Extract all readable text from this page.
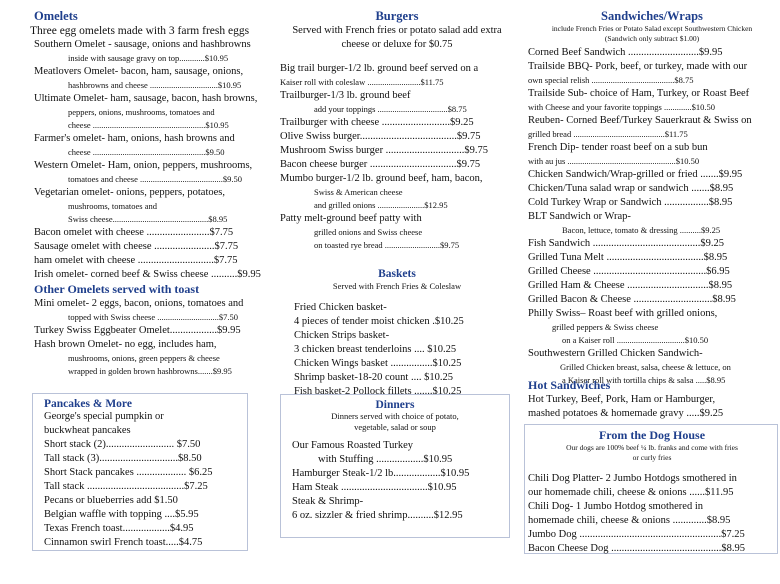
Omelets
Three egg omelets made with 3 farm fresh eggs
Southern Omelet - sausage, onions and hashbrowns
inside with sausage gravy on top............$10.95
Meatlovers Omelet- bacon, ham, sausage, onions,
hashbrowns and cheese ................................$10.95
Ultimate Omelet- ham, sausage, bacon, hash browns,
peppers, onions, mushrooms, tomatoes and
cheese .....................................................$10.95
Farmer's omelet- ham, onions, hash browns and
cheese .....................................................$9.50
Western Omelet- Ham, onion, peppers, mushrooms,
tomatoes and cheese .......................................$9.50
Vegetarian omelet- onions, peppers, potatoes,
mushrooms, tomatoes and
Swiss cheese.............................................$8.95
Bacon omelet with cheese ........................$7.75
Sausage omelet with cheese .......................$7.75
ham omelet with cheese .............................$7.75
Irish omelet- corned beef & Swiss cheese ..........$9.95
Other Omelets served with toast
Mini omelet- 2 eggs, bacon, onions, tomatoes and
topped with Swiss cheese .............................$7.50
Turkey Swiss Eggbeater Omelet..................$9.95
Hash brown Omelet- no egg, includes ham,
mushrooms, onions, green peppers & cheese
wrapped in golden brown hashbrowns.......$9.95
Pancakes & More
George's special pumpkin or
buckwheat pancakes
Short stack (2).......................... $7.50
Tall stack (3)..............................$8.50
Short Stack pancakes ................... $6.25
Tall stack .....................................$7.25
Pecans or blueberries add $1.50
Belgian waffle with topping ....$5.95
Texas French toast..................$4.95
Cinnamon swirl French toast.....$4.75
Burgers
Served with French fries or potato salad add extra
cheese or deluxe for $0.75
Big trail burger-1/2 lb. ground beef served on a
Kaiser roll with coleslaw .........................$11.75
Trailburger-1/3 lb. ground beef
add your toppings .................................$8.75
Trailburger with cheese ..........................$9.25
Olive Swiss burger.....................................$9.75
Mushroom Swiss burger ..............................$9.75
Bacon cheese burger .................................$9.75
Mumbo burger-1/2 lb. ground beef, ham, bacon,
Swiss & American cheese
and grilled onions ......................$12.95
Patty melt-ground beef patty with
grilled onions and Swiss cheese
on toasted rye bread ..........................$9.75
Baskets
Served with French Fries & Coleslaw
Fried Chicken basket-
4 pieces of tender moist chicken .$10.25
Chicken Strips basket-
3 chicken breast tenderloins .... $10.25
Chicken Wings basket ................$10.25
Shrimp basket-18-20 count .... $10.25
Fish basket-2 Pollock fillets .......$10.25
Dinners
Dinners served with choice of potato,
vegetable, salad or soup
Our Famous Roasted Turkey
with Stuffing ..................$10.95
Hamburger Steak-1/2 lb..................$10.95
Ham Steak .................................$10.95
Steak & Shrimp-
6 oz. sizzler & fried shrimp..........$12.95
Sandwiches/Wraps
include French Fries or Potato Salad except Southwestern Chicken
(Sandwich only subtract $1.00)
Corned Beef Sandwich ...........................$9.95
Trailside BBQ- Pork, beef, or turkey, made with our
own special relish .......................................$8.75
Trailside Sub- choice of Ham, Turkey, or Roast Beef
with Cheese and your favorite toppings .............$10.50
Reuben- Corned Beef/Turkey Sauerkraut & Swiss on
grilled bread ...........................................$11.75
French Dip- tender roast beef on a sub bun
with au jus ...................................................$10.50
Chicken Sandwich/Wrap-grilled or fried .......$9.95
Chicken/Tuna salad wrap or sandwich .......$8.95
Cold Turkey Wrap or Sandwich .................$8.95
BLT Sandwich or Wrap-
Bacon, lettuce, tomato & dressing ..........$9.25
Fish Sandwich .........................................$9.25
Grilled Tuna Melt .....................................$8.95
Grilled Cheese ...........................................$6.95
Grilled Ham & Cheese ...............................$8.95
Grilled Bacon & Cheese ..............................$8.95
Philly Swiss– Roast beef with grilled onions,
grilled peppers & Swiss cheese
on a Kaiser roll ................................$10.50
Southwestern Grilled Chicken Sandwich-
Grilled Chicken breast, salsa, cheese & lettuce, on
a Kaiser roll with tortilla chips & salsa .....$8.95
Hot Sandwiches
Hot Turkey, Beef, Pork, Ham or Hamburger,
mashed potatoes & homemade gravy .....$9.25
From the Dog House
Our dogs are 100% beef ¼ lb. franks and come with fries
or curly fries
Chili Dog Platter- 2 Jumbo Hotdogs smothered in
our homemade chili, cheese & onions ......$11.95
Chili Dog- 1 Jumbo Hotdog smothered in
homemade chili, cheese & onions .............$8.95
Jumbo Dog ......................................................$7.25
Bacon Cheese Dog ..........................................$8.95
